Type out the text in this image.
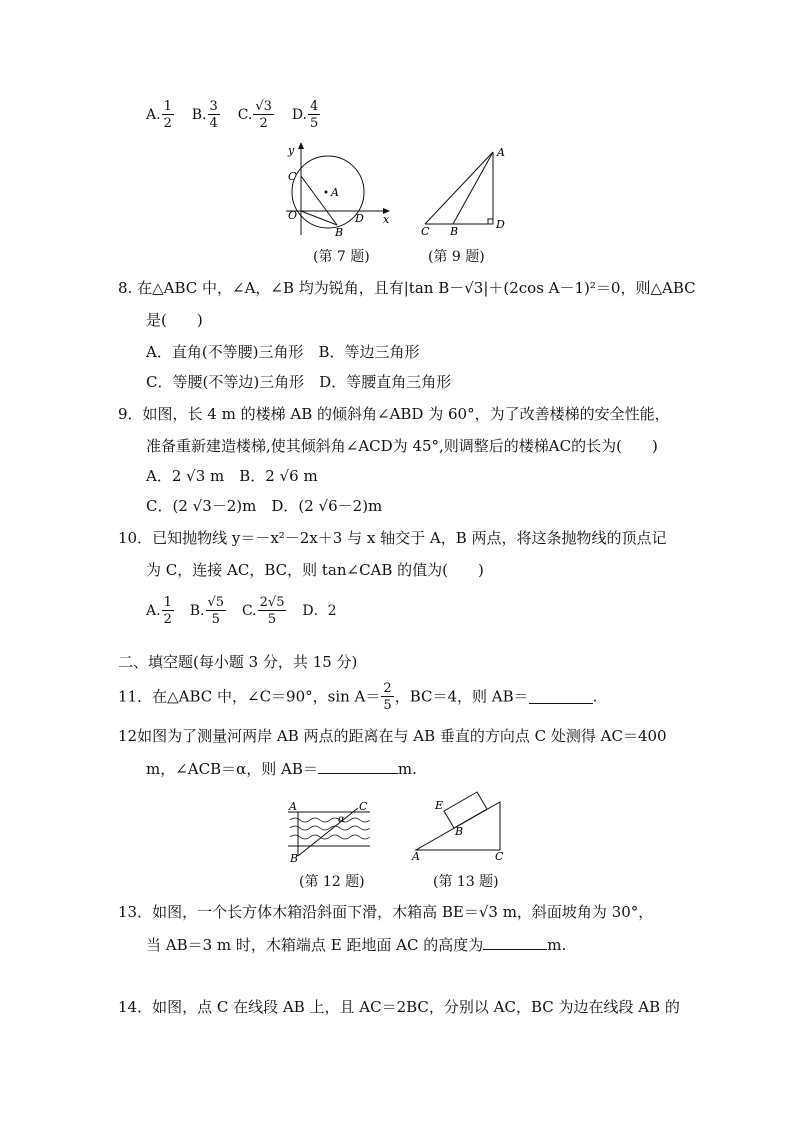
A. $\frac{1}{2} B$. $\frac{3}{4} C$. $\frac{√3}{2} D$. $\frac{4}{5}$
y
x
C
O
A
B
D
A
C B
D
(第 7 题)	(第 9 题)
8. 在△ABC 中，∠A，∠B 均为锐角，且有|tan B－√3|＋(2cos A－1)²＝0，则△ABC
是(　　)
A．直角(不等腰)三角形　B．等边三角形
C．等腰(不等边)三角形　D．等腰直角三角形
9．如图，长 4 m 的楼梯 AB 的倾斜角∠ABD 为 60°，为了改善楼梯的安全性能，
准备重新建造楼梯,使其倾斜角∠ACD为 45°,则调整后的楼梯AC的长为(　　)
A．2 √3 m　B．2 √6 m
C．(2 √3－2)m　D．(2 √6－2)m
10．已知抛物线 y＝－x²－2x＋3 与 x 轴交于 A，B 两点，将这条抛物线的顶点记
为 C，连接 AC，BC，则 tan∠CAB 的值为(　　)
A. $\frac{1}{2} B$. $\frac{√5}{5} C$. $\frac{2√5}{5}$ D．2
二、填空题(每小题 3 分，共 15 分)
11．在△ABC 中，∠C＝90°，$\sin A= \frac{2}{5}$ ，BC＝4，则 AB＝	.
12如图为了测量河两岸 AB 两点的距离在与 AB 垂直的方向点 C 处测得 AC＝400
m，∠ACB＝α，则 AB＝	m.
A	C
α
B
E
B
A	C
(第 12 题)	(第 13 题)
13．如图，一个长方体木箱沿斜面下滑，木箱高 BE＝√3 m，斜面坡角为 30°，
当 AB＝3 m 时，木箱端点 E 距地面 AC 的高度为	m.
14．如图，点 C 在线段 AB 上，且 AC＝2BC，分别以 AC，BC 为边在线段 AB 的
